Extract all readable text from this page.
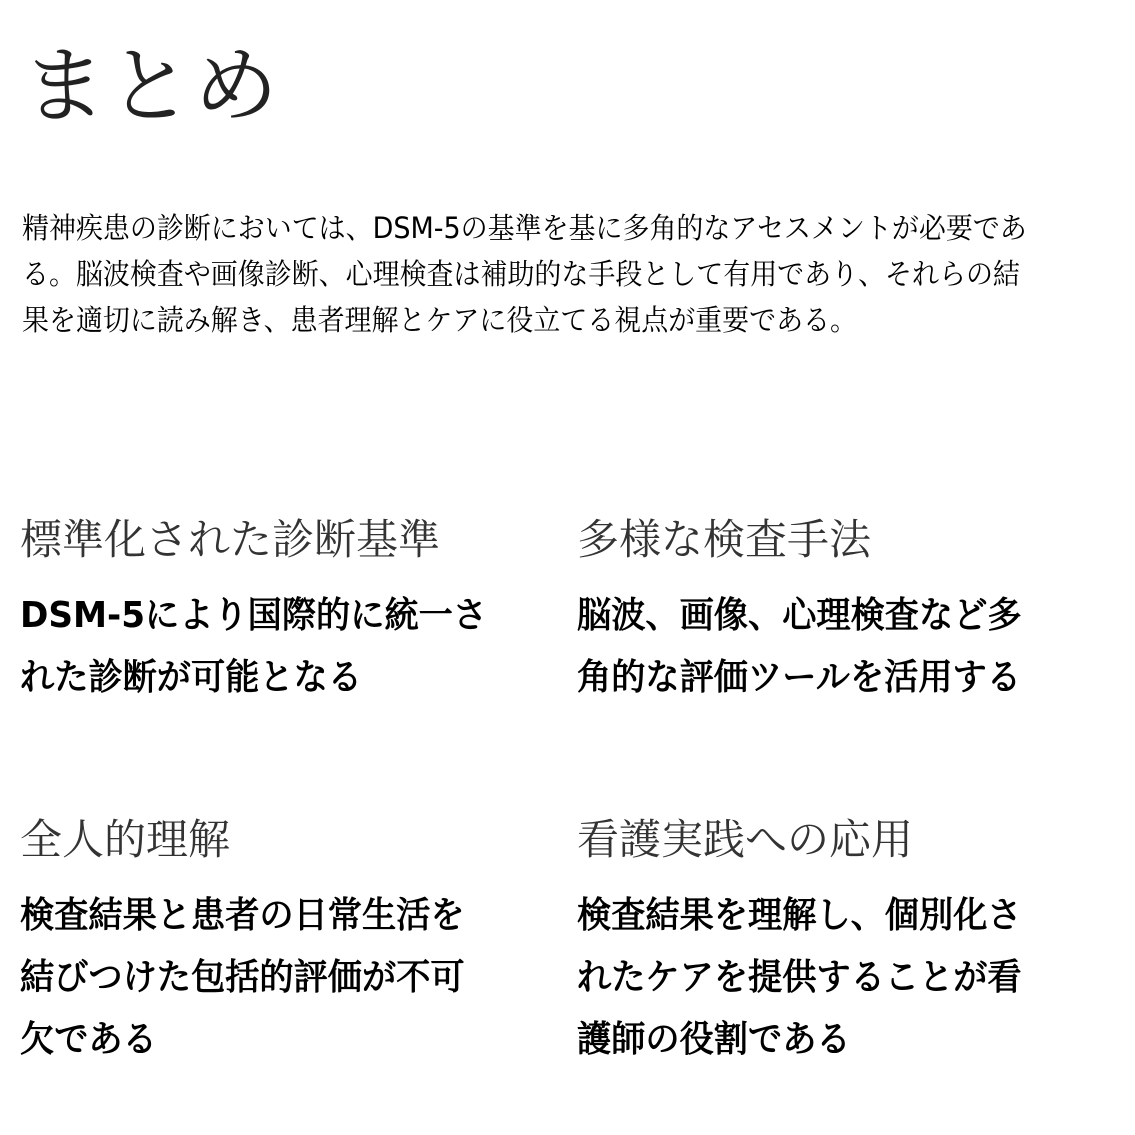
まとめ

精神疾患の診断においては、DSM-5の基準を基に多角的なアセスメントが必要である。脳波検査や画像診断、心理検査は補助的な手段として有用であり、それらの結果を適切に読み解き、患者理解とケアに役立てる視点が重要である。

標準化された診断基準

DSM-5により国際的に統一された診断が可能となる

多様な検査手法

脳波、画像、心理検査など多角的な評価ツールを活用する

全人的理解

検査結果と患者の日常生活を結びつけた包括的評価が不可欠である

看護実践への応用

検査結果を理解し、個別化されたケアを提供することが看護師の役割である
